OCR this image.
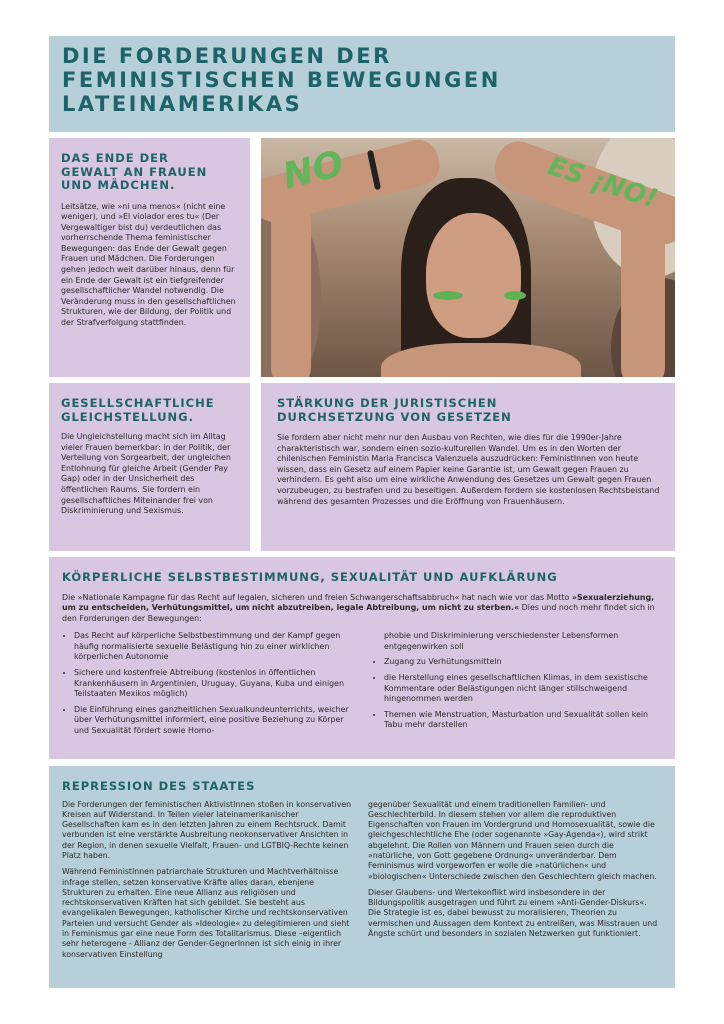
DIE FORDERUNGEN DER
FEMINISTISCHEN BEWEGUNGEN
LATEINAMERIKAS
DAS ENDE DER
GEWALT AN FRAUEN
UND MÄDCHEN.
Leitsätze, wie »ni una menos« (nicht eine weniger), und »El violador eres tu« (Der Vergewaltiger bist du) verdeutlichen das vorherrschende Thema feministischer Bewegungen: das Ende der Gewalt gegen Frauen und Mädchen. Die Forderungen gehen jedoch weit darüber hinaus, denn für ein Ende der Gewalt ist ein tiefgreifender gesellschaftlicher Wandel notwendig. Die Veränderung muss in den gesellschaftlichen Strukturen, wie der Bildung, der Politik und der Strafverfolgung stattfinden.
NO	ES ¡NO!
GESELLSCHAFTLICHE
GLEICHSTELLUNG.
Die Ungleichstellung macht sich im Alltag vieler Frauen bemerkbar: in der Politik, der Verteilung von Sorgearbeit, der ungleichen Entlohnung für gleiche Arbeit (Gender Pay Gap) oder in der Unsicherheit des öffentlichen Raums. Sie fordern ein gesellschaftliches Miteinander frei von Diskriminierung und Sexismus.
STÄRKUNG DER JURISTISCHEN
DURCHSETZUNG VON GESETZEN
Sie fordern aber nicht mehr nur den Ausbau von Rechten, wie dies für die 1990er-Jahre charakteristisch war, sondern einen sozio-kulturellen Wandel. Um es in den Worten der chilenischen Feministin Maria Francisca Valenzuela auszudrücken: FeministInnen von heute wissen, dass ein Gesetz auf einem Papier keine Garantie ist, um Gewalt gegen Frauen zu verhindern. Es geht also um eine wirkliche Anwendung des Gesetzes um Gewalt gegen Frauen vorzubeugen, zu bestrafen und zu beseitigen. Außerdem fordern sie kostenlosen Rechtsbeistand während des gesamten Prozesses und die Eröffnung von Frauenhäusern.
KÖRPERLICHE SELBSTBESTIMMUNG, SEXUALITÄT UND AUFKLÄRUNG
Die »Nationale Kampagne für das Recht auf legalen, sicheren und freien Schwangerschaftsabbruch« hat nach wie vor das Motto »Sexualerziehung, um zu entscheiden, Verhütungsmittel, um nicht abzutreiben, legale Abtreibung, um nicht zu sterben.« Dies und noch mehr findet sich in den Forderungen der Bewegungen:
• Das Recht auf körperliche Selbstbestimmung und der Kampf gegen häufig normalisierte sexuelle Belästigung hin zu einer wirklichen körperlichen Autonomie
• Sichere und kostenfreie Abtreibung (kostenlos in öffentlichen Krankenhäusern in Argentinien, Uruguay, Guyana, Kuba und einigen Teilstaaten Mexikos möglich)
• Die Einführung eines ganzheitlichen Sexualkundeunterrichts, weicher über Verhütungsmittel informiert, eine positive Beziehung zu Körper und Sexualität fördert sowie Homo-
phobie und Diskriminierung verschiedenster Lebensformen entgegenwirken soll
• Zugang zu Verhütungsmitteln
• die Herstellung eines gesellschaftlichen Klimas, in dem sexistische Kommentare oder Belästigungen nicht länger stillschweigend hingenommen werden
• Themen wie Menstruation, Masturbation und Sexualität sollen kein Tabu mehr darstellen
REPRESSION DES STAATES

Die Forderungen der feministischen AktivistInnen stoßen in konservativen Kreisen auf Widerstand. In Teilen vieler lateinamerikanischer Gesellschaften kam es in den letzten Jahren zu einem Rechtsruck. Damit verbunden ist eine verstärkte Ausbreitung neokonservativer Ansichten in der Region, in denen sexuelle Vielfalt, Frauen- und LGTBIQ-Rechte keinen Platz haben.

Während FeministInnen patriarchale Strukturen und Machtverhältnisse infrage stellen, setzen konservative Kräfte alles daran, ebenjene Strukturen zu erhalten. Eine neue Allianz aus religiösen und rechtskonservativen Kräften hat sich gebildet. Sie besteht aus evangelikalen Bewegungen, katholischer Kirche und rechtskonservativen Parteien und versucht Gender als »Ideologie« zu delegitimieren und sieht in Feminismus gar eine neue Form des Totalitarismus. Diese –eigentlich sehr heterogene - Allianz der Gender-GegnerInnen ist sich einig in ihrer konservativen Einstellung

gegenüber Sexualität und einem traditionellen Familien- und Geschlechterbild. In diesem stehen vor allem die reproduktiven Eigenschaften von Frauen im Vordergrund und Homosexualität, sowie die gleichgeschlechtliche Ehe (oder sogenannte »Gay-Agenda«), wird strikt abgelehnt. Die Rollen von Männern und Frauen seien durch die »natürliche, von Gott gegebene Ordnung« unveränderbar. Dem Feminismus wird vorgeworfen er wolle die »natürlichen« und »biologischen« Unterschiede zwischen den Geschlechtern gleich machen.

Dieser Glaubens- und Wertekonflikt wird insbesondere in der Bildungspolitik ausgetragen und führt zu einem »Anti-Gender-Diskurs«. Die Strategie ist es, dabei bewusst zu moralisieren, Theorien zu vermischen und Aussagen dem Kontext zu entreißen, was Misstrauen und Ängste schürt und besonders in sozialen Netzwerken gut funktioniert.
